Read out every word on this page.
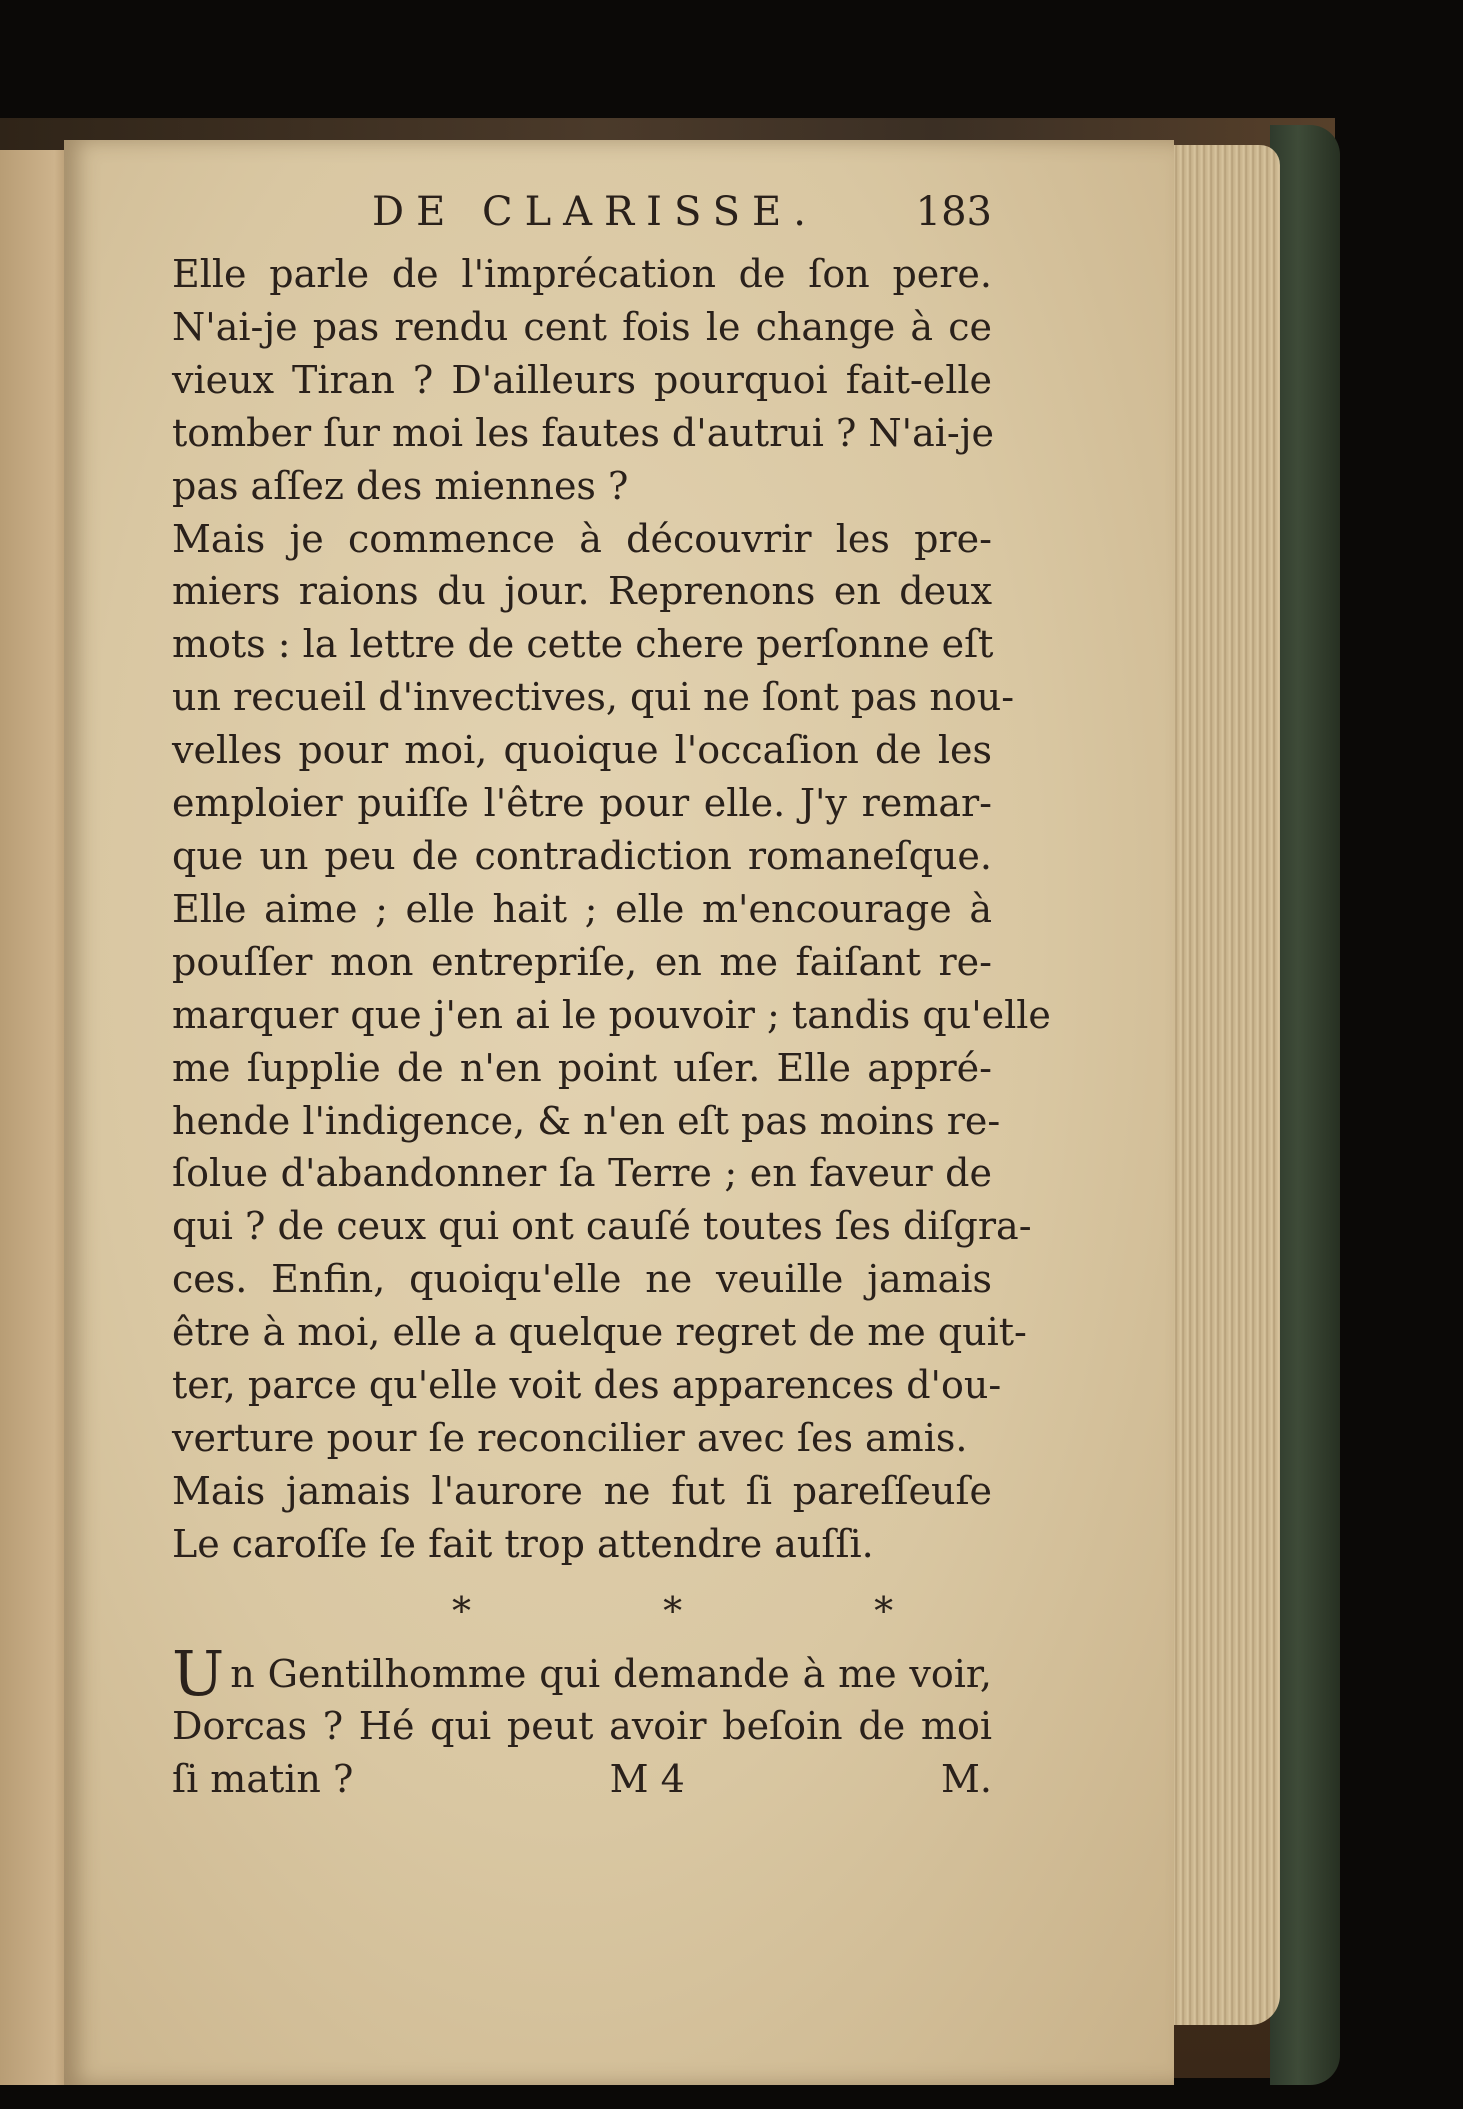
DE CLARISSE. 183
Elle parle de l'imprécation de ſon pere.
N'ai-je pas rendu cent fois le change à ce
vieux Tiran ? D'ailleurs pourquoi fait-elle
tomber ſur moi les fautes d'autrui ? N'ai-je
pas aſſez des miennes ?
Mais je commence à découvrir les pre-
miers raions du jour. Reprenons en deux
mots : la lettre de cette chere perſonne eſt
un recueil d'invectives, qui ne ſont pas nou-
velles pour moi, quoique l'occaſion de les
emploier puiſſe l'être pour elle. J'y remar-
que un peu de contradiction romaneſque.
Elle aime ; elle hait ; elle m'encourage à
pouſſer mon entrepriſe, en me faiſant re-
marquer que j'en ai le pouvoir ; tandis qu'elle
me ſupplie de n'en point uſer. Elle appré-
hende l'indigence, & n'en eſt pas moins re-
ſolue d'abandonner ſa Terre ; en faveur de
qui ? de ceux qui ont cauſé toutes ſes diſgra-
ces. Enfin, quoiqu'elle ne veuille jamais
être à moi, elle a quelque regret de me quit-
ter, parce qu'elle voit des apparences d'ou-
verture pour ſe reconcilier avec ſes amis.
Mais jamais l'aurore ne fut ſi pareſſeuſe
Le caroſſe ſe fait trop attendre auſſi.
* * *
U n Gentilhomme qui demande à me voir,
Dorcas ? Hé qui peut avoir beſoin de moi
ſi matin ?	M 4	M.
